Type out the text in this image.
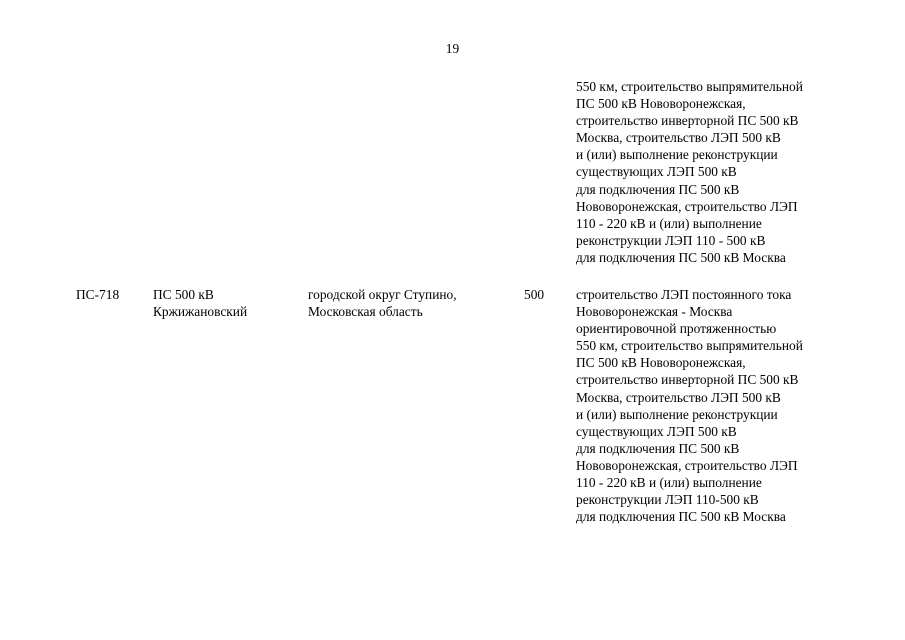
19
550 км, строительство выпрямительной
ПС 500 кВ Нововоронежская,
строительство инверторной ПС 500 кВ
Москва, строительство ЛЭП 500 кВ
и (или) выполнение реконструкции
существующих ЛЭП 500 кВ
для подключения ПС 500 кВ
Нововоронежская, строительство ЛЭП
110 - 220 кВ и (или) выполнение
реконструкции ЛЭП 110 - 500 кВ
для подключения ПС 500 кВ Москва
ПС-718	ПС 500 кВ
Кржижановский
городской округ Ступино,
Московская область
500 строительство ЛЭП постоянного тока
Нововоронежская - Москва
ориентировочной протяженностью
550 км, строительство выпрямительной
ПС 500 кВ Нововоронежская,
строительство инверторной ПС 500 кВ
Москва, строительство ЛЭП 500 кВ
и (или) выполнение реконструкции
существующих ЛЭП 500 кВ
для подключения ПС 500 кВ
Нововоронежская, строительство ЛЭП
110 - 220 кВ и (или) выполнение
реконструкции ЛЭП 110-500 кВ
для подключения ПС 500 кВ Москва
